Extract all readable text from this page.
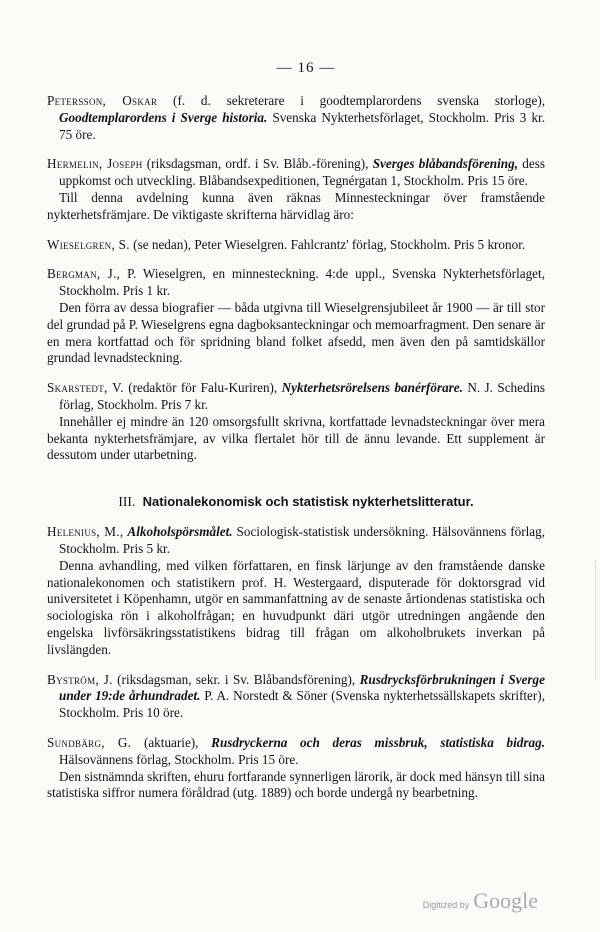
— 16 —
Petersson, Oskar (f. d. sekreterare i goodtemplarordens svenska storloge), Goodtemplarordens i Sverge historia. Svenska Nykterhetsförlaget, Stockholm. Pris 3 kr. 75 öre.
Hermelin, Joseph (riksdagsman, ordf. i Sv. Blåb.-förening), Sverges blåbandsförening, dess uppkomst och utveckling. Blåbandsexpeditionen, Tegnérgatan 1, Stockholm. Pris 15 öre.
Till denna avdelning kunna även räknas Minnesteckningar över framstående nykterhetsfrämjare. De viktigaste skrifterna härvidlag äro:
Wieselgren, S. (se nedan), Peter Wieselgren. Fahlcrantz' förlag, Stockholm. Pris 5 kronor.
Bergman, J., P. Wieselgren, en minnesteckning. 4:de uppl., Svenska Nykterhetsförlaget, Stockholm. Pris 1 kr.
Den förra av dessa biografier — båda utgivna till Wieselgrensjubileet år 1900 — är till stor del grundad på P. Wieselgrens egna dagboksanteckningar och memoarfragment. Den senare är en mera kortfattad och för spridning bland folket afsedd, men även den på samtidskällor grundad levnadsteckning.
Skarstedt, V. (redaktör för Falu-Kuriren), Nykterhetsrörelsens banérförare. N. J. Schedins förlag, Stockholm. Pris 7 kr.
Innehåller ej mindre än 120 omsorgsfullt skrivna, kortfattade levnadsteckningar över mera bekanta nykterhetsfrämjare, av vilka flertalet hör till de ännu levande. Ett supplement är dessutom under utarbetning.
III. Nationalekonomisk och statistisk nykterhetslitteratur.
Helenius, M., Alkoholspörsmålet. Sociologisk-statistisk undersökning. Hälsovännens förlag, Stockholm. Pris 5 kr.
Denna avhandling, med vilken författaren, en finsk lärjunge av den framstående danske nationalekonomen och statistikern prof. H. Westergaard, disputerade för doktorsgrad vid universitetet i Köpenhamn, utgör en sammanfattning av de senaste årtiondenas statistiska och sociologiska rön i alkoholfrågan; en huvudpunkt däri utgör utredningen angående den engelska livförsäkringsstatistikens bidrag till frågan om alkoholbrukets inverkan på livslängden.
Byström, J. (riksdagsman, sekr. i Sv. Blåbandsförening), Rusdrycksförbrukningen i Sverge under 19:de århundradet. P. A. Norstedt & Söner (Svenska nykterhetssällskapets skrifter), Stockholm. Pris 10 öre.
Sundbärg, G. (aktuarie), Rusdryckerna och deras missbruk, statistiska bidrag. Hälsovännens förlag, Stockholm. Pris 15 öre.
Den sistnämnda skriften, ehuru fortfarande synnerligen lärorik, är dock med hänsyn till sina statistiska siffror numera föråldrad (utg. 1889) och borde undergå ny bearbetning.
Digitized by Google
